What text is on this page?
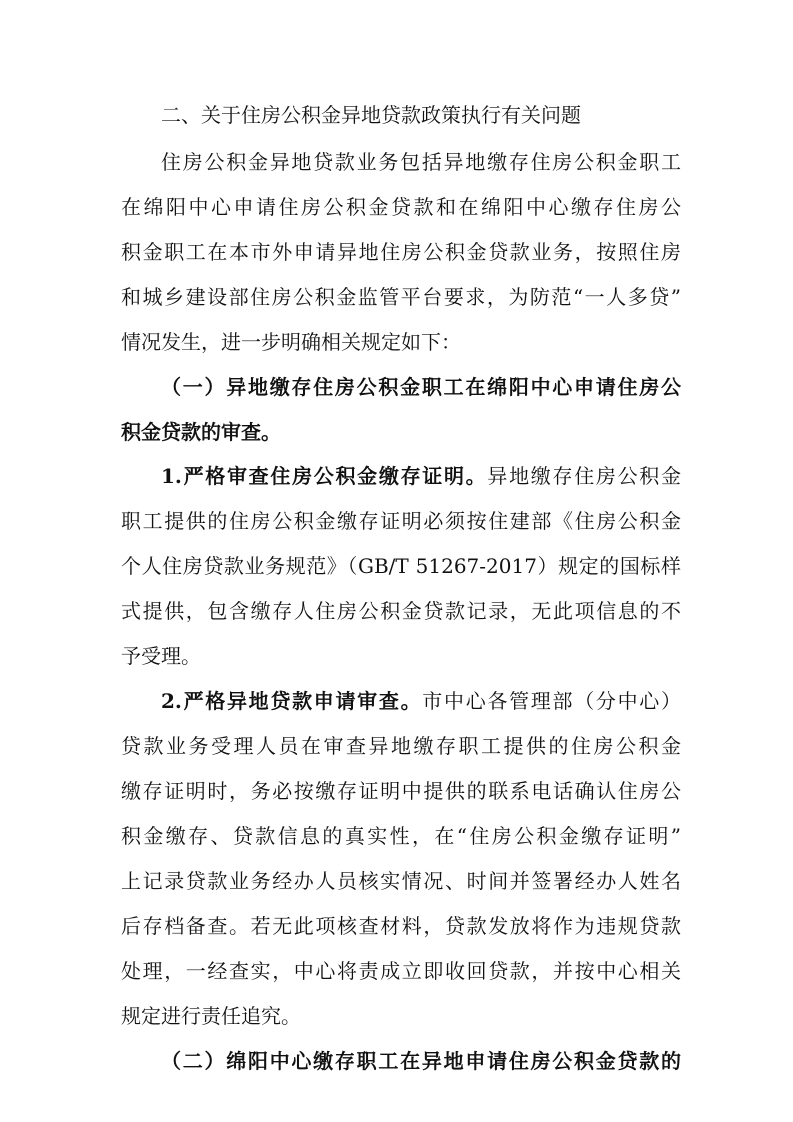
二、关于住房公积金异地贷款政策执行有关问题
住房公积金异地贷款业务包括异地缴存住房公积金职工
在绵阳中心申请住房公积金贷款和在绵阳中心缴存住房公
积金职工在本市外申请异地住房公积金贷款业务，按照住房
和城乡建设部住房公积金监管平台要求，为防范“一人多贷”
情况发生，进一步明确相关规定如下：
（一）异地缴存住房公积金职工在绵阳中心申请住房公
积金贷款的审查。
1.严格审查住房公积金缴存证明。异地缴存住房公积金
职工提供的住房公积金缴存证明必须按住建部《住房公积金
个人住房贷款业务规范》（GB/T 51267-2017）规定的国标样
式提供，包含缴存人住房公积金贷款记录，无此项信息的不
予受理。
2.严格异地贷款申请审查。市中心各管理部（分中心）
贷款业务受理人员在审查异地缴存职工提供的住房公积金
缴存证明时，务必按缴存证明中提供的联系电话确认住房公
积金缴存、贷款信息的真实性，在“住房公积金缴存证明”
上记录贷款业务经办人员核实情况、时间并签署经办人姓名
后存档备查。若无此项核查材料，贷款发放将作为违规贷款
处理，一经查实，中心将责成立即收回贷款，并按中心相关
规定进行责任追究。
（二）绵阳中心缴存职工在异地申请住房公积金贷款的
